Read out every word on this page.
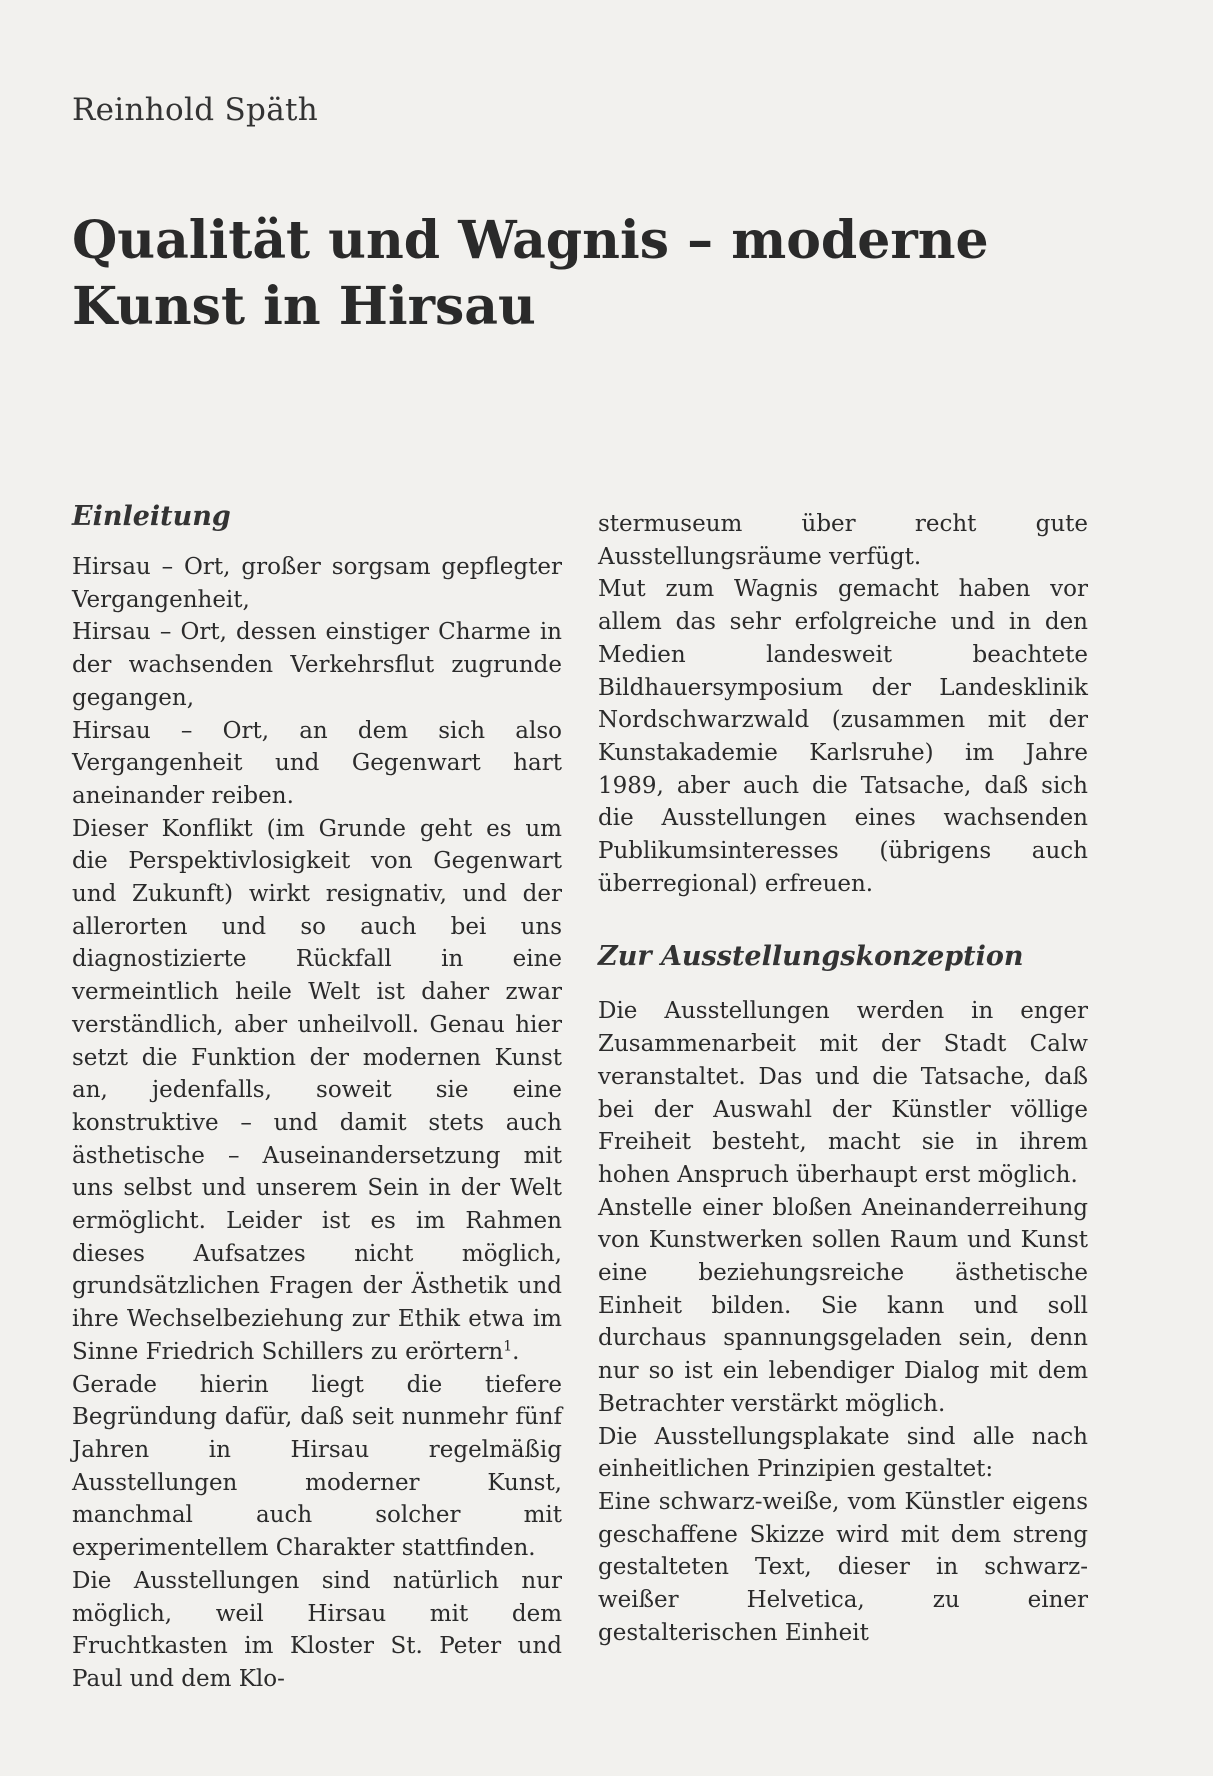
Reinhold Späth
Qualität und Wagnis – moderne Kunst in Hirsau
Einleitung

Hirsau – Ort, großer sorgsam gepflegter Vergangenheit,

Hirsau – Ort, dessen einstiger Charme in der wachsenden Verkehrsflut zugrunde gegangen,

Hirsau – Ort, an dem sich also Vergangenheit und Gegenwart hart aneinander reiben.

Dieser Konflikt (im Grunde geht es um die Perspektivlosigkeit von Gegenwart und Zukunft) wirkt resignativ, und der allerorten und so auch bei uns diagnostizierte Rückfall in eine vermeintlich heile Welt ist daher zwar verständlich, aber unheilvoll. Genau hier setzt die Funktion der modernen Kunst an, jedenfalls, soweit sie eine konstruktive – und damit stets auch ästhetische – Auseinandersetzung mit uns selbst und unserem Sein in der Welt ermöglicht. Leider ist es im Rahmen dieses Aufsatzes nicht möglich, grundsätzlichen Fragen der Ästhetik und ihre Wechselbeziehung zur Ethik etwa im Sinne Friedrich Schillers zu erörtern$^1$.

Gerade hierin liegt die tiefere Begründung dafür, daß seit nunmehr fünf Jahren in Hirsau regelmäßig Ausstellungen moderner Kunst, manchmal auch solcher mit experimentellem Charakter stattfinden.

Die Ausstellungen sind natürlich nur möglich, weil Hirsau mit dem Fruchtkasten im Kloster St. Peter und Paul und dem Klo-

stermuseum über recht gute Ausstellungsräume verfügt.

Mut zum Wagnis gemacht haben vor allem das sehr erfolgreiche und in den Medien landesweit beachtete Bildhauersymposium der Landesklinik Nordschwarzwald (zusammen mit der Kunstakademie Karlsruhe) im Jahre 1989, aber auch die Tatsache, daß sich die Ausstellungen eines wachsenden Publikumsinteresses (übrigens auch überregional) erfreuen.

Zur Ausstellungskonzeption

Die Ausstellungen werden in enger Zusammenarbeit mit der Stadt Calw veranstaltet. Das und die Tatsache, daß bei der Auswahl der Künstler völlige Freiheit besteht, macht sie in ihrem hohen Anspruch überhaupt erst möglich.

Anstelle einer bloßen Aneinanderreihung von Kunstwerken sollen Raum und Kunst eine beziehungsreiche ästhetische Einheit bilden. Sie kann und soll durchaus spannungsgeladen sein, denn nur so ist ein lebendiger Dialog mit dem Betrachter verstärkt möglich.

Die Ausstellungsplakate sind alle nach einheitlichen Prinzipien gestaltet:

Eine schwarz-weiße, vom Künstler eigens geschaffene Skizze wird mit dem streng gestalteten Text, dieser in schwarz-weißer Helvetica, zu einer gestalterischen Einheit
